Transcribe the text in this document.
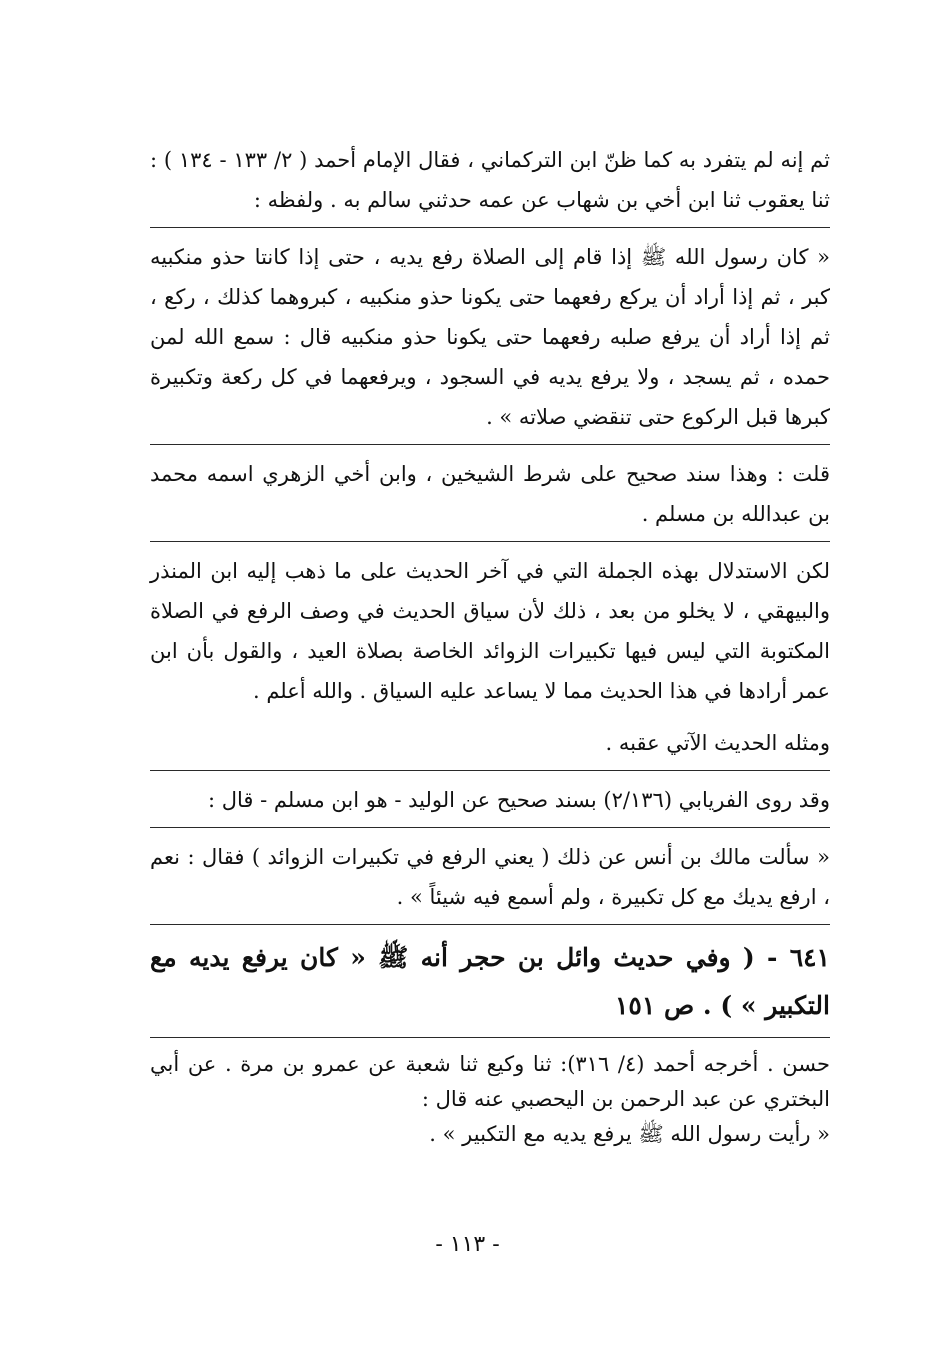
ثم إنه لم يتفرد به كما ظنّ ابن التركماني ، فقال الإمام أحمد ( ٢/ ١٣٣ - ١٣٤ ) : ثنا يعقوب ثنا ابن أخي بن شهاب عن عمه حدثني سالم به . ولفظه :

« كان رسول الله ﷺ إذا قام إلى الصلاة رفع يديه ، حتى إذا كانتا حذو منكبيه كبر ، ثم إذا أراد أن يركع رفعهما حتى يكونا حذو منكبيه ، كبروهما كذلك ، ركع ، ثم إذا أراد أن يرفع صلبه رفعهما حتى يكونا حذو منكبيه قال : سمع الله لمن حمده ، ثم يسجد ، ولا يرفع يديه في السجود ، ويرفعهما في كل ركعة وتكبيرة كبرها قبل الركوع حتى تنقضي صلاته » .

قلت : وهذا سند صحيح على شرط الشيخين ، وابن أخي الزهري اسمه محمد بن عبدالله بن مسلم .

لكن الاستدلال بهذه الجملة التي في آخر الحديث على ما ذهب إليه ابن المنذر والبيهقي ، لا يخلو من بعد ، ذلك لأن سياق الحديث في وصف الرفع في الصلاة المكتوبة التي ليس فيها تكبيرات الزوائد الخاصة بصلاة العيد ، والقول بأن ابن عمر أرادها في هذا الحديث مما لا يساعد عليه السياق . والله أعلم .

ومثله الحديث الآتي عقبه .

وقد روى الفريابي (٢/١٣٦) بسند صحيح عن الوليد - هو ابن مسلم - قال :

« سألت مالك بن أنس عن ذلك ( يعني الرفع في تكبيرات الزوائد ) فقال : نعم ، ارفع يديك مع كل تكبيرة ، ولم أسمع فيه شيئاً » .

٦٤١ - ( وفي حديث وائل بن حجر أنه ﷺ « كان يرفع يديه مع التكبير » ) . ص ١٥١

حسن . أخرجه أحمد (٤/ ٣١٦): ثنا وكيع ثنا شعبة عن عمرو بن مرة . عن أبي البختري عن عبد الرحمن بن اليحصبي عنه قال :

« رأيت رسول الله ﷺ يرفع يديه مع التكبير » .

- ١١٣ -
